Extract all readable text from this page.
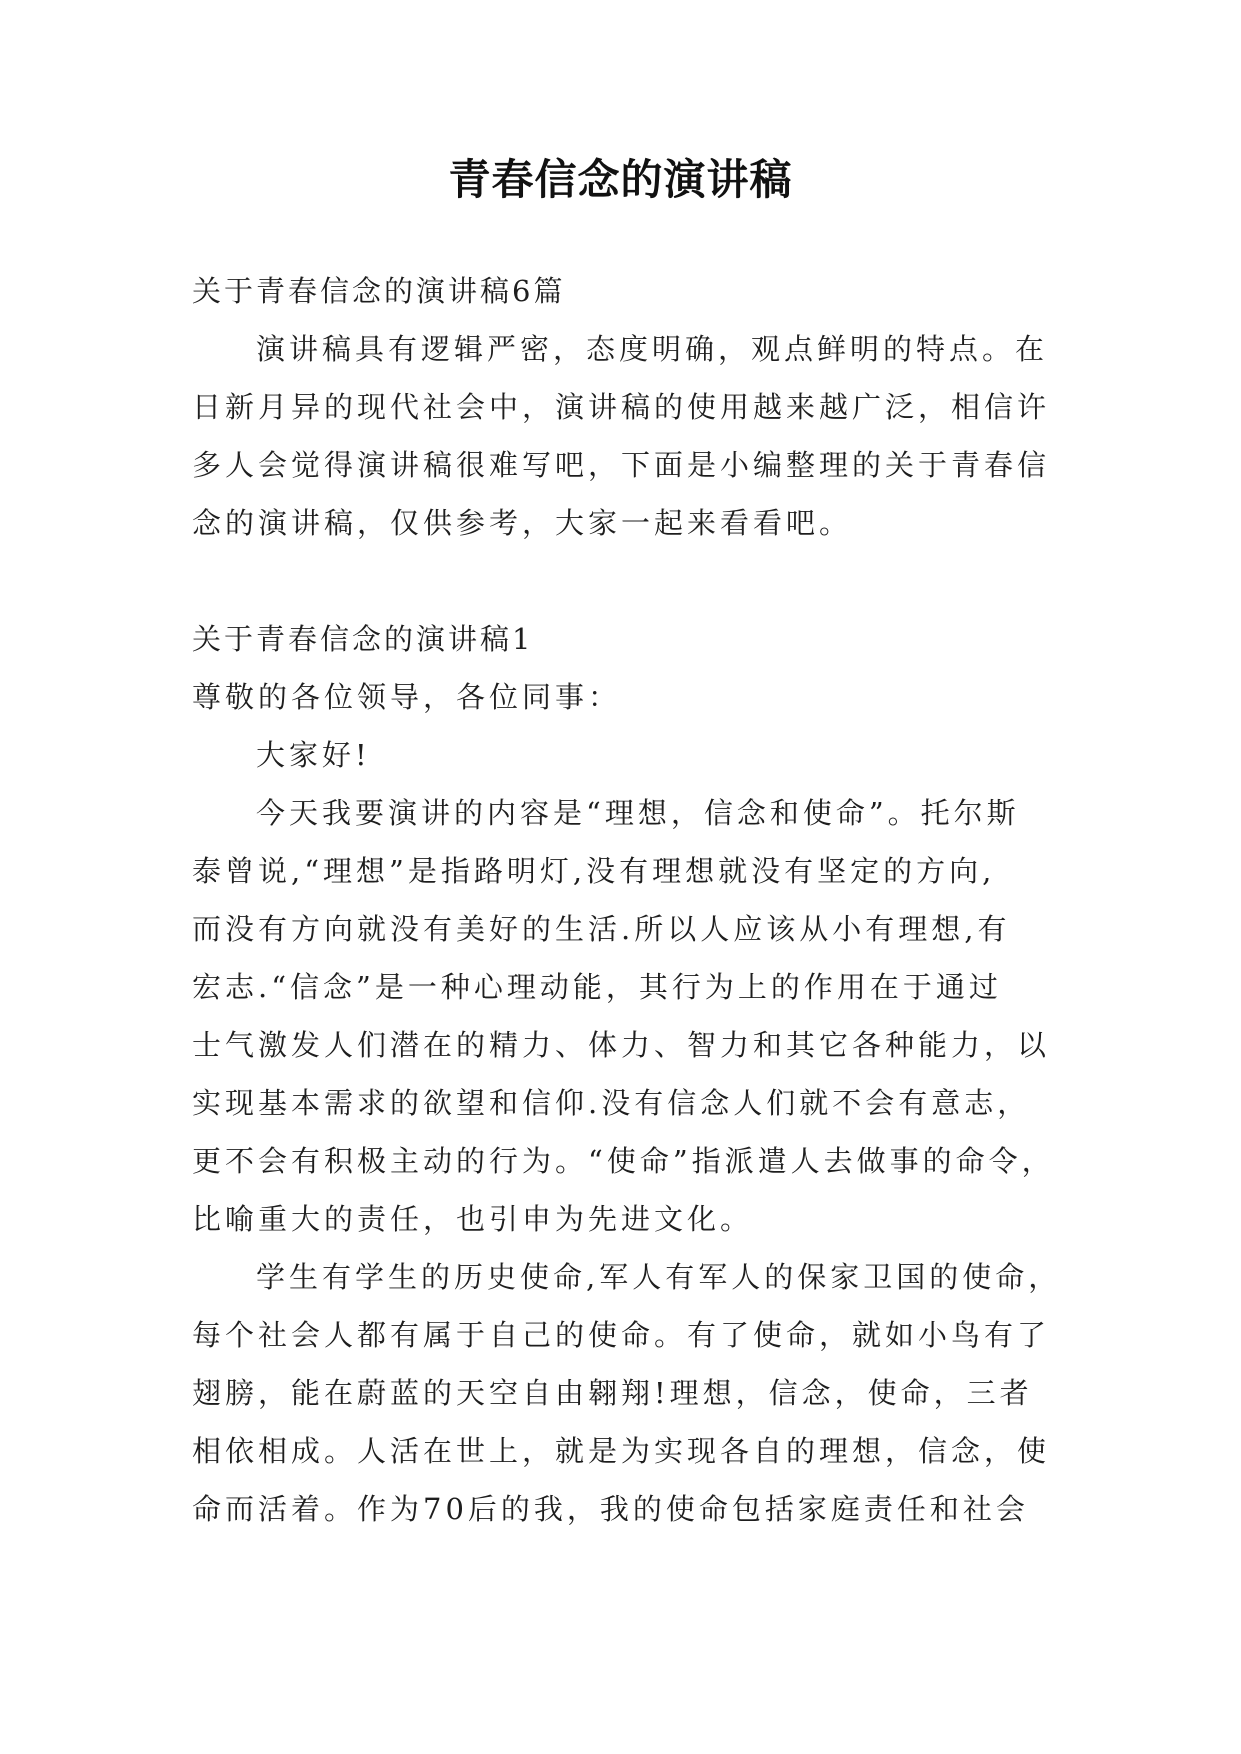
青春信念的演讲稿
关于青春信念的演讲稿6篇
演讲稿具有逻辑严密，态度明确，观点鲜明的特点。在
日新月异的现代社会中，演讲稿的使用越来越广泛，相信许
多人会觉得演讲稿很难写吧，下面是小编整理的关于青春信
念的演讲稿，仅供参考，大家一起来看看吧。
关于青春信念的演讲稿1
尊敬的各位领导，各位同事：
大家好!
今天我要演讲的内容是“理想，信念和使命”。托尔斯
泰曾说,“理想”是指路明灯,没有理想就没有坚定的方向,
而没有方向就没有美好的生活.所以人应该从小有理想,有
宏志.“信念”是一种心理动能，其行为上的作用在于通过
士气激发人们潜在的精力、体力、智力和其它各种能力，以
实现基本需求的欲望和信仰.没有信念人们就不会有意志，
更不会有积极主动的行为。“使命”指派遣人去做事的命令，
比喻重大的责任，也引申为先进文化。
学生有学生的历史使命,军人有军人的保家卫国的使命，
每个社会人都有属于自己的使命。有了使命，就如小鸟有了
翅膀，能在蔚蓝的天空自由翱翔!理想，信念，使命，三者
相依相成。人活在世上，就是为实现各自的理想，信念，使
命而活着。作为70后的我，我的使命包括家庭责任和社会
